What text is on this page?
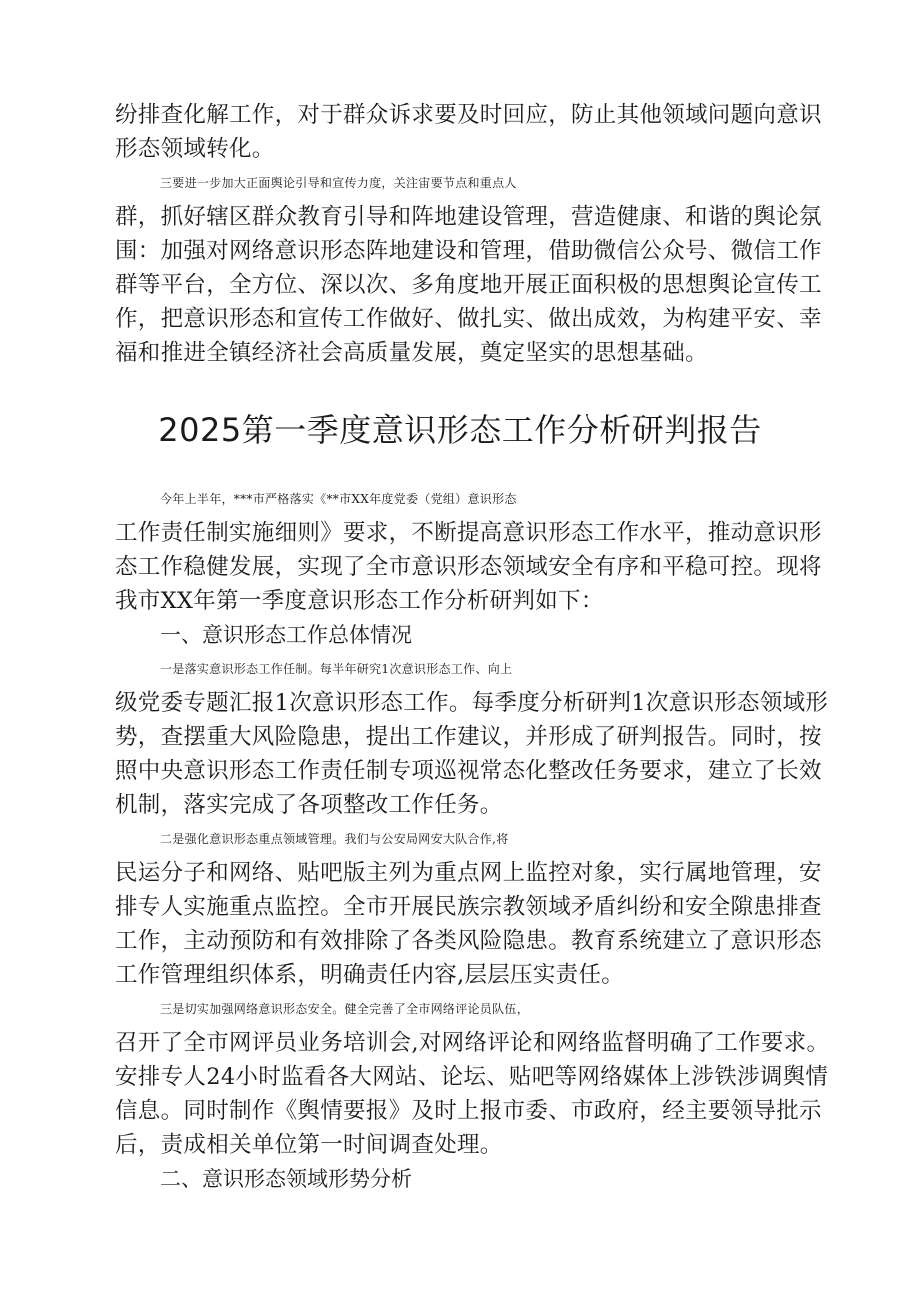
纷排查化解工作，对于群众诉求要及时回应，防止其他领域问题向意识
形态领域转化。
三要进一步加大正面舆论引导和宣传力度，关注宙要节点和重点人
群，抓好辖区群众教育引导和阵地建设管理，营造健康、和谐的舆论氛
围：加强对网络意识形态阵地建设和管理，借助微信公众号、微信工作
群等平台，全方位、深以次、多角度地开展正面积极的思想舆论宣传工
作，把意识形态和宣传工作做好、做扎实、做出成效，为构建平安、幸
福和推进全镇经济社会高质量发展，奠定坚实的思想基础。
2025第一季度意识形态工作分析研判报告
今年上半年，***市严格落实《**市XX年度党委（党组）意识形态
工作责任制实施细则》要求，不断提高意识形态工作水平，推动意识形
态工作稳健发展，实现了全市意识形态领域安全有序和平稳可控。现将
我市XX年第一季度意识形态工作分析研判如下：
一、意识形态工作总体情况
一是落实意识形态工作任制。每半年研究1次意识形态工作、向上
级党委专题汇报1次意识形态工作。每季度分析研判1次意识形态领域形
势，查摆重大风险隐患，提出工作建议，并形成了研判报告。同时，按
照中央意识形态工作责任制专项巡视常态化整改任务要求，建立了长效
机制，落实完成了各项整改工作任务。
二是强化意识形态重点领域管理。我们与公安局网安大队合作,将
民运分子和网络、贴吧版主列为重点网上监控对象，实行属地管理，安
排专人实施重点监控。全市开展民族宗教领域矛盾纠纷和安全隙患排查
工作，主动预防和有效排除了各类风险隐患。教育系统建立了意识形态
工作管理组织体系，明确责任内容,层层压实责任。
三是切实加强网络意识形态安全。健全完善了全市网络评论员队伍，
召开了全市网评员业务培训会,对网络评论和网络监督明确了工作要求。
安排专人24小时监看各大网站、论坛、贴吧等网络媒体上涉铁涉调舆情
信息。同时制作《舆情要报》及时上报市委、市政府，经主要领导批示
后，责成相关单位第一时间调查处理。
二、意识形态领域形势分析
